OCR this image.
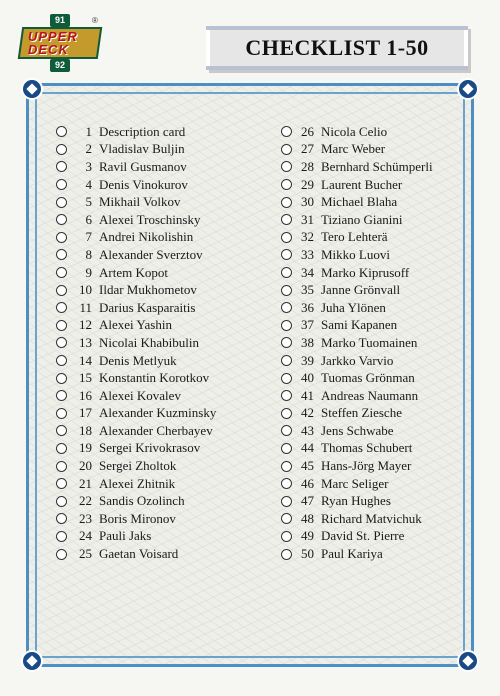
91
UPPER
DECK
92
®
CHECKLIST 1-50
1 Description card
2 Vladislav Buljin
3 Ravil Gusmanov
4 Denis Vinokurov
5 Mikhail Volkov
6 Alexei Troschinsky
7 Andrei Nikolishin
8 Alexander Sverztov
9 Artem Kopot
10 Ildar Mukhometov
11 Darius Kasparaitis
12 Alexei Yashin
13 Nicolai Khabibulin
14 Denis Metlyuk
15 Konstantin Korotkov
16 Alexei Kovalev
17 Alexander Kuzminsky
18 Alexander Cherbayev
19 Sergei Krivokrasov
20 Sergei Zholtok
21 Alexei Zhitnik
22 Sandis Ozolinch
23 Boris Mironov
24 Pauli Jaks
25 Gaetan Voisard
26 Nicola Celio
27 Marc Weber
28 Bernhard Schümperli
29 Laurent Bucher
30 Michael Blaha
31 Tiziano Gianini
32 Tero Lehterä
33 Mikko Luovi
34 Marko Kiprusoff
35 Janne Grönvall
36 Juha Ylönen
37 Sami Kapanen
38 Marko Tuomainen
39 Jarkko Varvio
40 Tuomas Grönman
41 Andreas Naumann
42 Steffen Ziesche
43 Jens Schwabe
44 Thomas Schubert
45 Hans-Jörg Mayer
46 Marc Seliger
47 Ryan Hughes
48 Richard Matvichuk
49 David St. Pierre
50 Paul Kariya
